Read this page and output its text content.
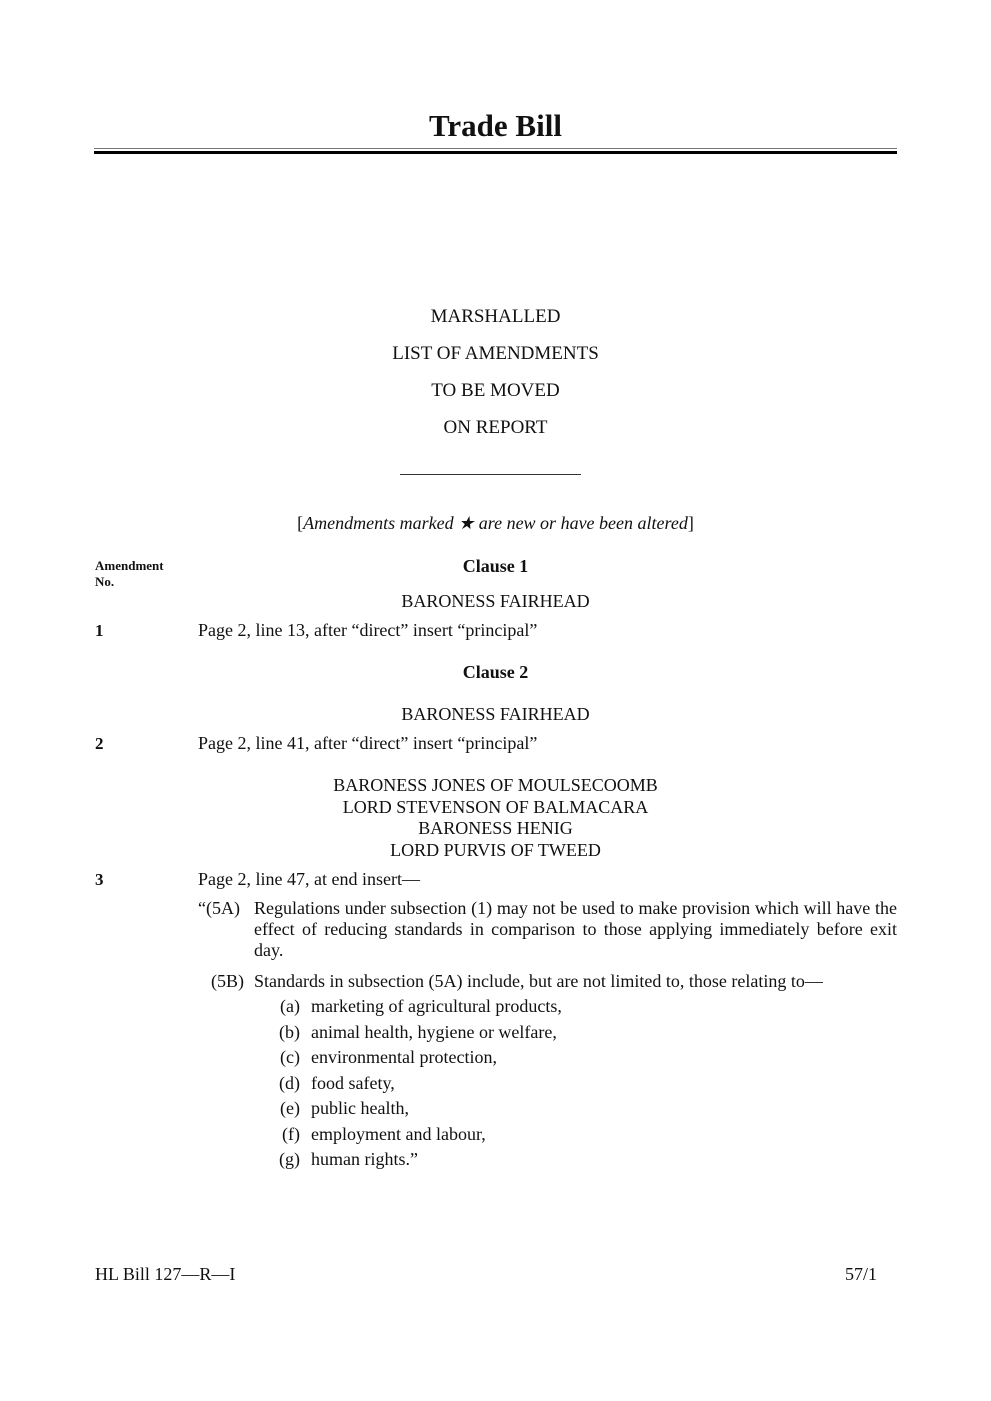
Trade Bill
MARSHALLED
LIST OF AMENDMENTS
TO BE MOVED
ON REPORT
[Amendments marked ★ are new or have been altered]
Amendment
No.
Clause 1
BARONESS FAIRHEAD
1	Page 2, line 13, after “direct” insert “principal”
Clause 2
BARONESS FAIRHEAD
2	Page 2, line 41, after “direct” insert “principal”
BARONESS JONES OF MOULSECOOMB
LORD STEVENSON OF BALMACARA
BARONESS HENIG
LORD PURVIS OF TWEED
3	Page 2, line 47, at end insert—
“(5A) Regulations under subsection (1) may not be used to make provision which will have the effect of reducing standards in comparison to those applying immediately before exit day.
(5B) Standards in subsection (5A) include, but are not limited to, those relating to—
(a) marketing of agricultural products,
(b) animal health, hygiene or welfare,
(c) environmental protection,
(d) food safety,
(e) public health,
(f) employment and labour,
(g) human rights.”
HL Bill 127—R—I	57/1
